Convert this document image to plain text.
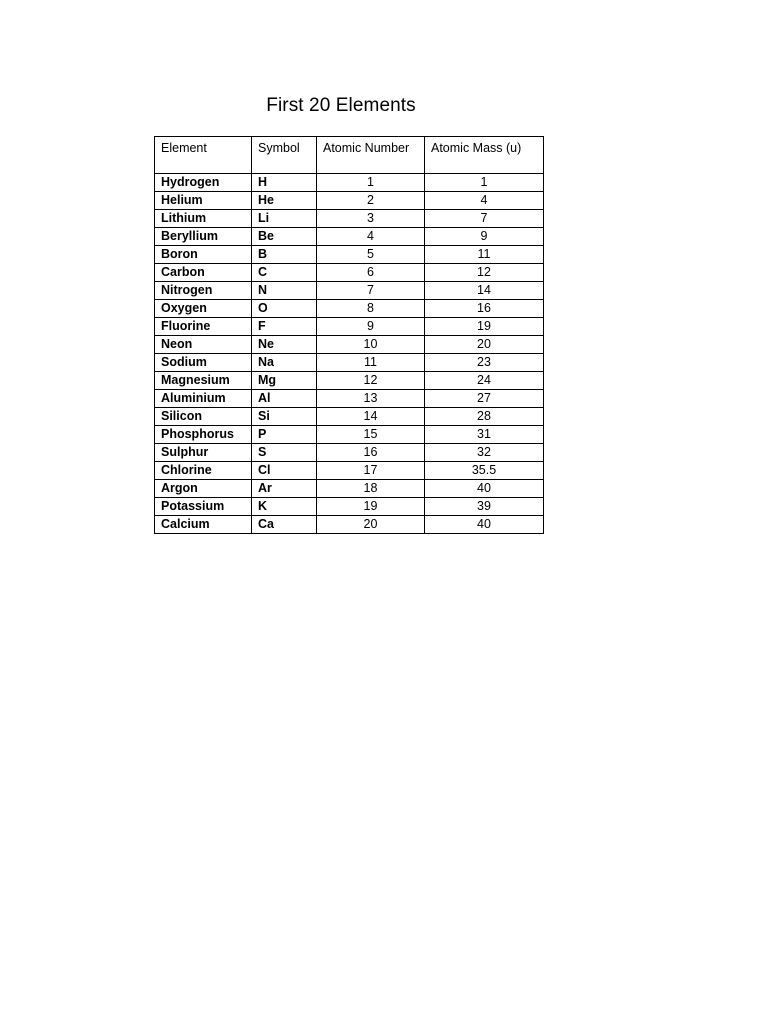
First 20 Elements
Element	Symbol	Atomic Number	Atomic Mass (u)
Hydrogen	H	1	1
Helium	He	2	4
Lithium	Li	3	7
Beryllium	Be	4	9
Boron	B	5	11
Carbon	C	6	12
Nitrogen	N	7	14
Oxygen	O	8	16
Fluorine	F	9	19
Neon	Ne	10	20
Sodium	Na	11	23
Magnesium	Mg	12	24
Aluminium	Al	13	27
Silicon	Si	14	28
Phosphorus	P	15	31
Sulphur	S	16	32
Chlorine	Cl	17	35.5
Argon	Ar	18	40
Potassium	K	19	39
Calcium	Ca	20	40
